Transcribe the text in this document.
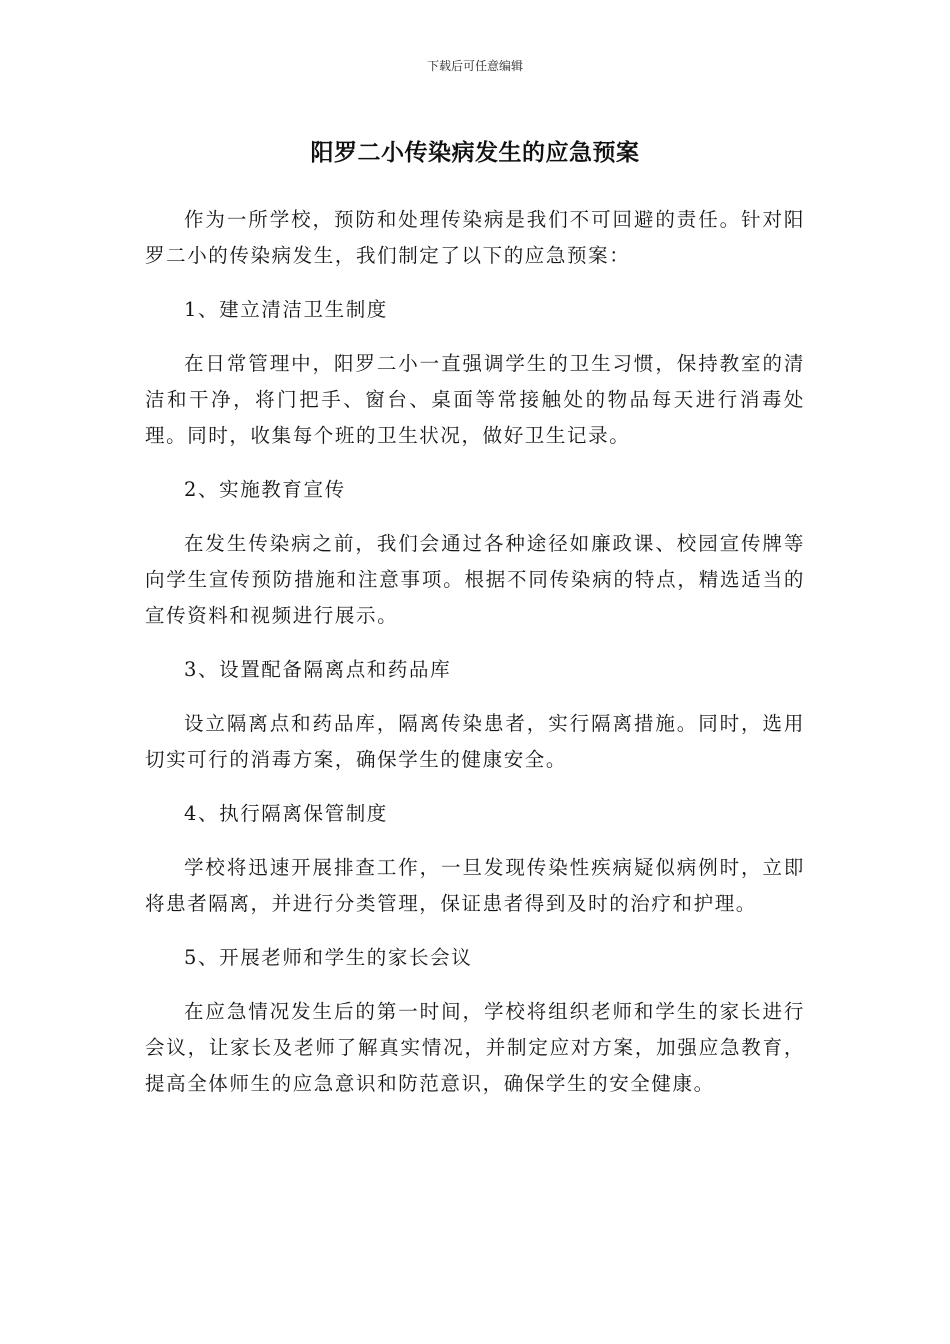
下载后可任意编辑
阳罗二小传染病发生的应急预案

作为一所学校，预防和处理传染病是我们不可回避的责任。针对阳罗二小的传染病发生，我们制定了以下的应急预案：

1、建立清洁卫生制度

在日常管理中，阳罗二小一直强调学生的卫生习惯，保持教室的清洁和干净，将门把手、窗台、桌面等常接触处的物品每天进行消毒处理。同时，收集每个班的卫生状况，做好卫生记录。

2、实施教育宣传

在发生传染病之前，我们会通过各种途径如廉政课、校园宣传牌等向学生宣传预防措施和注意事项。根据不同传染病的特点，精选适当的宣传资料和视频进行展示。

3、设置配备隔离点和药品库

设立隔离点和药品库，隔离传染患者，实行隔离措施。同时，选用切实可行的消毒方案，确保学生的健康安全。

4、执行隔离保管制度

学校将迅速开展排查工作，一旦发现传染性疾病疑似病例时，立即将患者隔离，并进行分类管理，保证患者得到及时的治疗和护理。

5、开展老师和学生的家长会议

在应急情况发生后的第一时间，学校将组织老师和学生的家长进行会议，让家长及老师了解真实情况，并制定应对方案，加强应急教育，提高全体师生的应急意识和防范意识，确保学生的安全健康。
